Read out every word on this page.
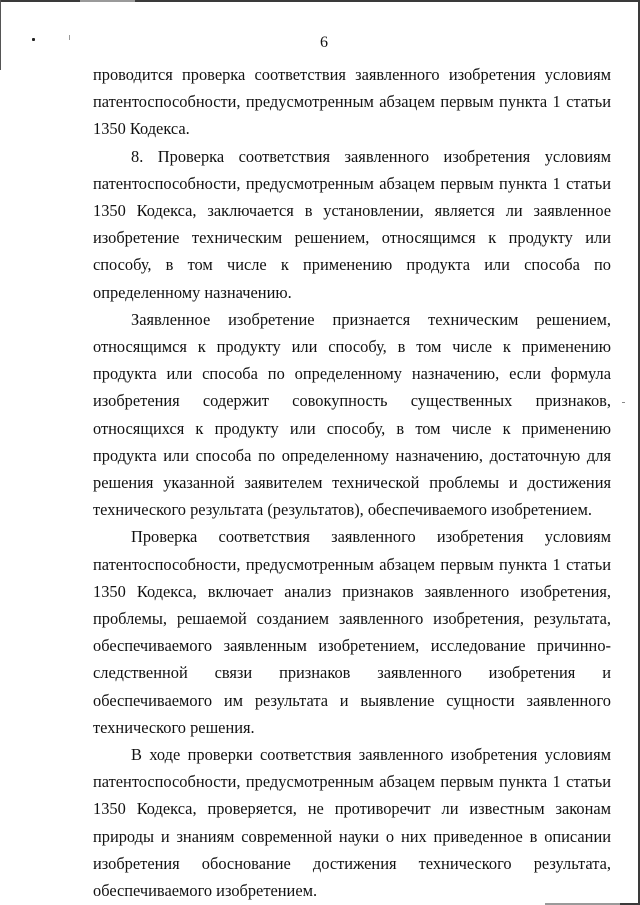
6

проводится проверка соответствия заявленного изобретения условиям патентоспособности, предусмотренным абзацем первым пункта 1 статьи 1350 Кодекса.

8. Проверка соответствия заявленного изобретения условиям патентоспособности, предусмотренным абзацем первым пункта 1 статьи 1350 Кодекса, заключается в установлении, является ли заявленное изобретение техническим решением, относящимся к продукту или способу, в том числе к применению продукта или способа по определенному назначению.

Заявленное изобретение признается техническим решением, относящимся к продукту или способу, в том числе к применению продукта или способа по определенному назначению, если формула изобретения содержит совокупность существенных признаков, относящихся к продукту или способу, в том числе к применению продукта или способа по определенному назначению, достаточную для решения указанной заявителем технической проблемы и достижения технического результата (результатов), обеспечиваемого изобретением.

Проверка соответствия заявленного изобретения условиям патентоспособности, предусмотренным абзацем первым пункта 1 статьи 1350 Кодекса, включает анализ признаков заявленного изобретения, проблемы, решаемой созданием заявленного изобретения, результата, обеспечиваемого заявленным изобретением, исследование причинно-следственной связи признаков заявленного изобретения и обеспечиваемого им результата и выявление сущности заявленного технического решения.

В ходе проверки соответствия заявленного изобретения условиям патентоспособности, предусмотренным абзацем первым пункта 1 статьи 1350 Кодекса, проверяется, не противоречит ли известным законам природы и знаниям современной науки о них приведенное в описании изобретения обоснование достижения технического результата, обеспечиваемого изобретением.
